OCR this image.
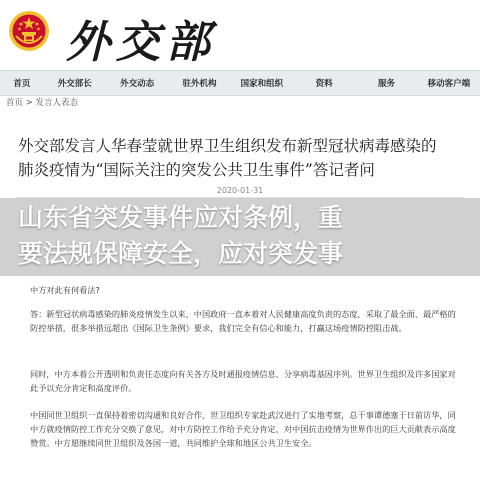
外交部
首页	外交部长	外交动态	驻外机构	国家和组织	资料	服务	移动客户端
首页 > 发言人表态
外交部发言人华春莹就世界卫生组织发布新型冠状病毒感染的
肺炎疫情为“国际关注的突发公共卫生事件”答记者问
2020-01-31
中方对此有何看法?
答：新型冠状病毒感染的肺炎疫情发生以来，中国政府一直本着对人民健康高度负责的态度，采取了最全面、最严格的防控举措，很多举措远超出《国际卫生条例》要求，我们完全有信心和能力，打赢这场疫情防控阻击战。
同时，中方本着公开透明和负责任态度向有关各方及时通报疫情信息、分享病毒基因序列。世界卫生组织及许多国家对此予以充分肯定和高度评价。
中国同世卫组织一直保持着密切沟通和良好合作，世卫组织专家赴武汉进行了实地考察，总干事谭德塞于日前访华，同中方就疫情防控工作充分交换了意见，对中方防控工作给予充分肯定，对中国抗击疫情为世界作出的巨大贡献表示高度赞赏。中方愿继续同世卫组织及各国一道，共同维护全球和地区公共卫生安全。
山东省突发事件应对条例，重
要法规保障安全，应对突发事
